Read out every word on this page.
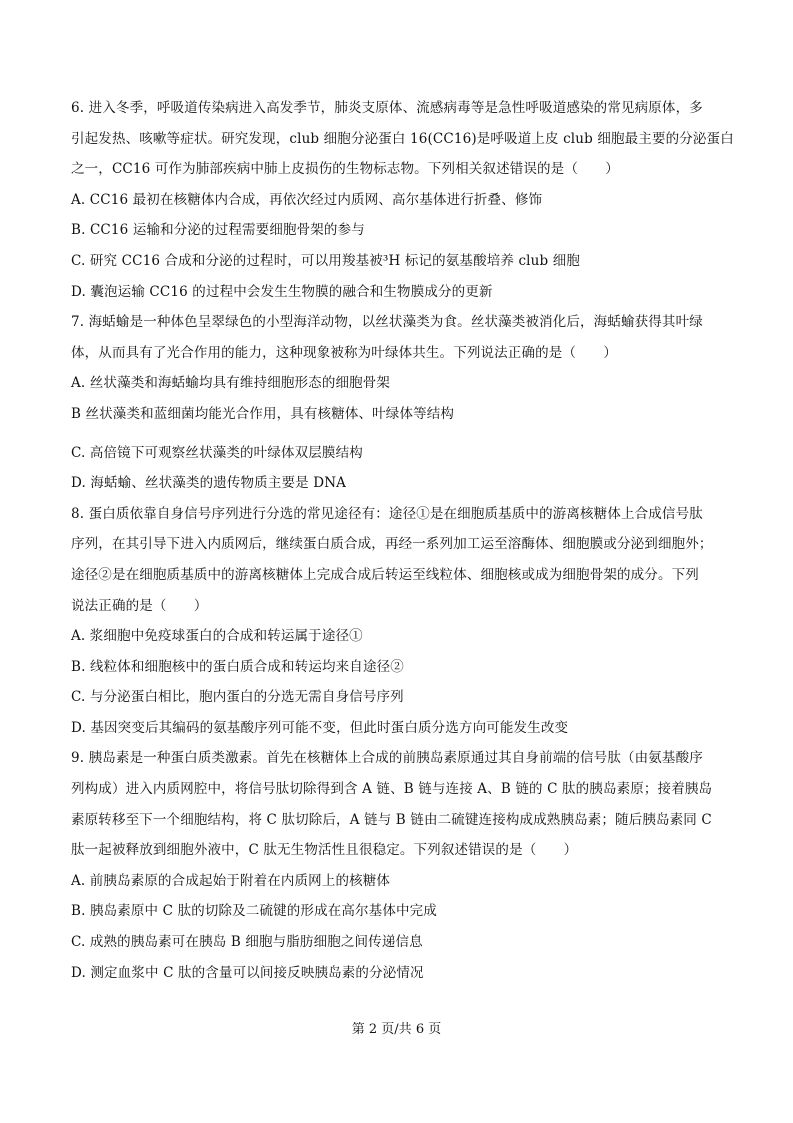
6. 进入冬季，呼吸道传染病进入高发季节，肺炎支原体、流感病毒等是急性呼吸道感染的常见病原体，多
引起发热、咳嗽等症状。研究发现，club 细胞分泌蛋白 16(CC16)是呼吸道上皮 club 细胞最主要的分泌蛋白
之一，CC16 可作为肺部疾病中肺上皮损伤的生物标志物。下列相关叙述错误的是（　　）
A. CC16 最初在核糖体内合成，再依次经过内质网、高尔基体进行折叠、修饰
B. CC16 运输和分泌的过程需要细胞骨架的参与
C. 研究 CC16 合成和分泌的过程时，可以用羧基被³H 标记的氨基酸培养 club 细胞
D. 囊泡运输 CC16 的过程中会发生生物膜的融合和生物膜成分的更新
7. 海蛞蝓是一种体色呈翠绿色的小型海洋动物，以丝状藻类为食。丝状藻类被消化后，海蛞蝓获得其叶绿
体，从而具有了光合作用的能力，这种现象被称为叶绿体共生。下列说法正确的是（　　）
A. 丝状藻类和海蛞蝓均具有维持细胞形态的细胞骨架
B 丝状藻类和蓝细菌均能光合作用，具有核糖体、叶绿体等结构
C. 高倍镜下可观察丝状藻类的叶绿体双层膜结构
D. 海蛞蝓、丝状藻类的遗传物质主要是 DNA
8. 蛋白质依靠自身信号序列进行分选的常见途径有：途径①是在细胞质基质中的游离核糖体上合成信号肽
序列，在其引导下进入内质网后，继续蛋白质合成，再经一系列加工运至溶酶体、细胞膜或分泌到细胞外；
途径②是在细胞质基质中的游离核糖体上完成合成后转运至线粒体、细胞核或成为细胞骨架的成分。下列
说法正确的是（　　）
A. 浆细胞中免疫球蛋白的合成和转运属于途径①
B. 线粒体和细胞核中的蛋白质合成和转运均来自途径②
C. 与分泌蛋白相比，胞内蛋白的分选无需自身信号序列
D. 基因突变后其编码的氨基酸序列可能不变，但此时蛋白质分选方向可能发生改变
9. 胰岛素是一种蛋白质类激素。首先在核糖体上合成的前胰岛素原通过其自身前端的信号肽（由氨基酸序
列构成）进入内质网腔中，将信号肽切除得到含 A 链、B 链与连接 A、B 链的 C 肽的胰岛素原；接着胰岛
素原转移至下一个细胞结构，将 C 肽切除后，A 链与 B 链由二硫键连接构成成熟胰岛素；随后胰岛素同 C
肽一起被释放到细胞外液中，C 肽无生物活性且很稳定。下列叙述错误的是（　　）
A. 前胰岛素原的合成起始于附着在内质网上的核糖体
B. 胰岛素原中 C 肽的切除及二硫键的形成在高尔基体中完成
C. 成熟的胰岛素可在胰岛 B 细胞与脂肪细胞之间传递信息
D. 测定血浆中 C 肽的含量可以间接反映胰岛素的分泌情况
第 2 页/共 6 页
